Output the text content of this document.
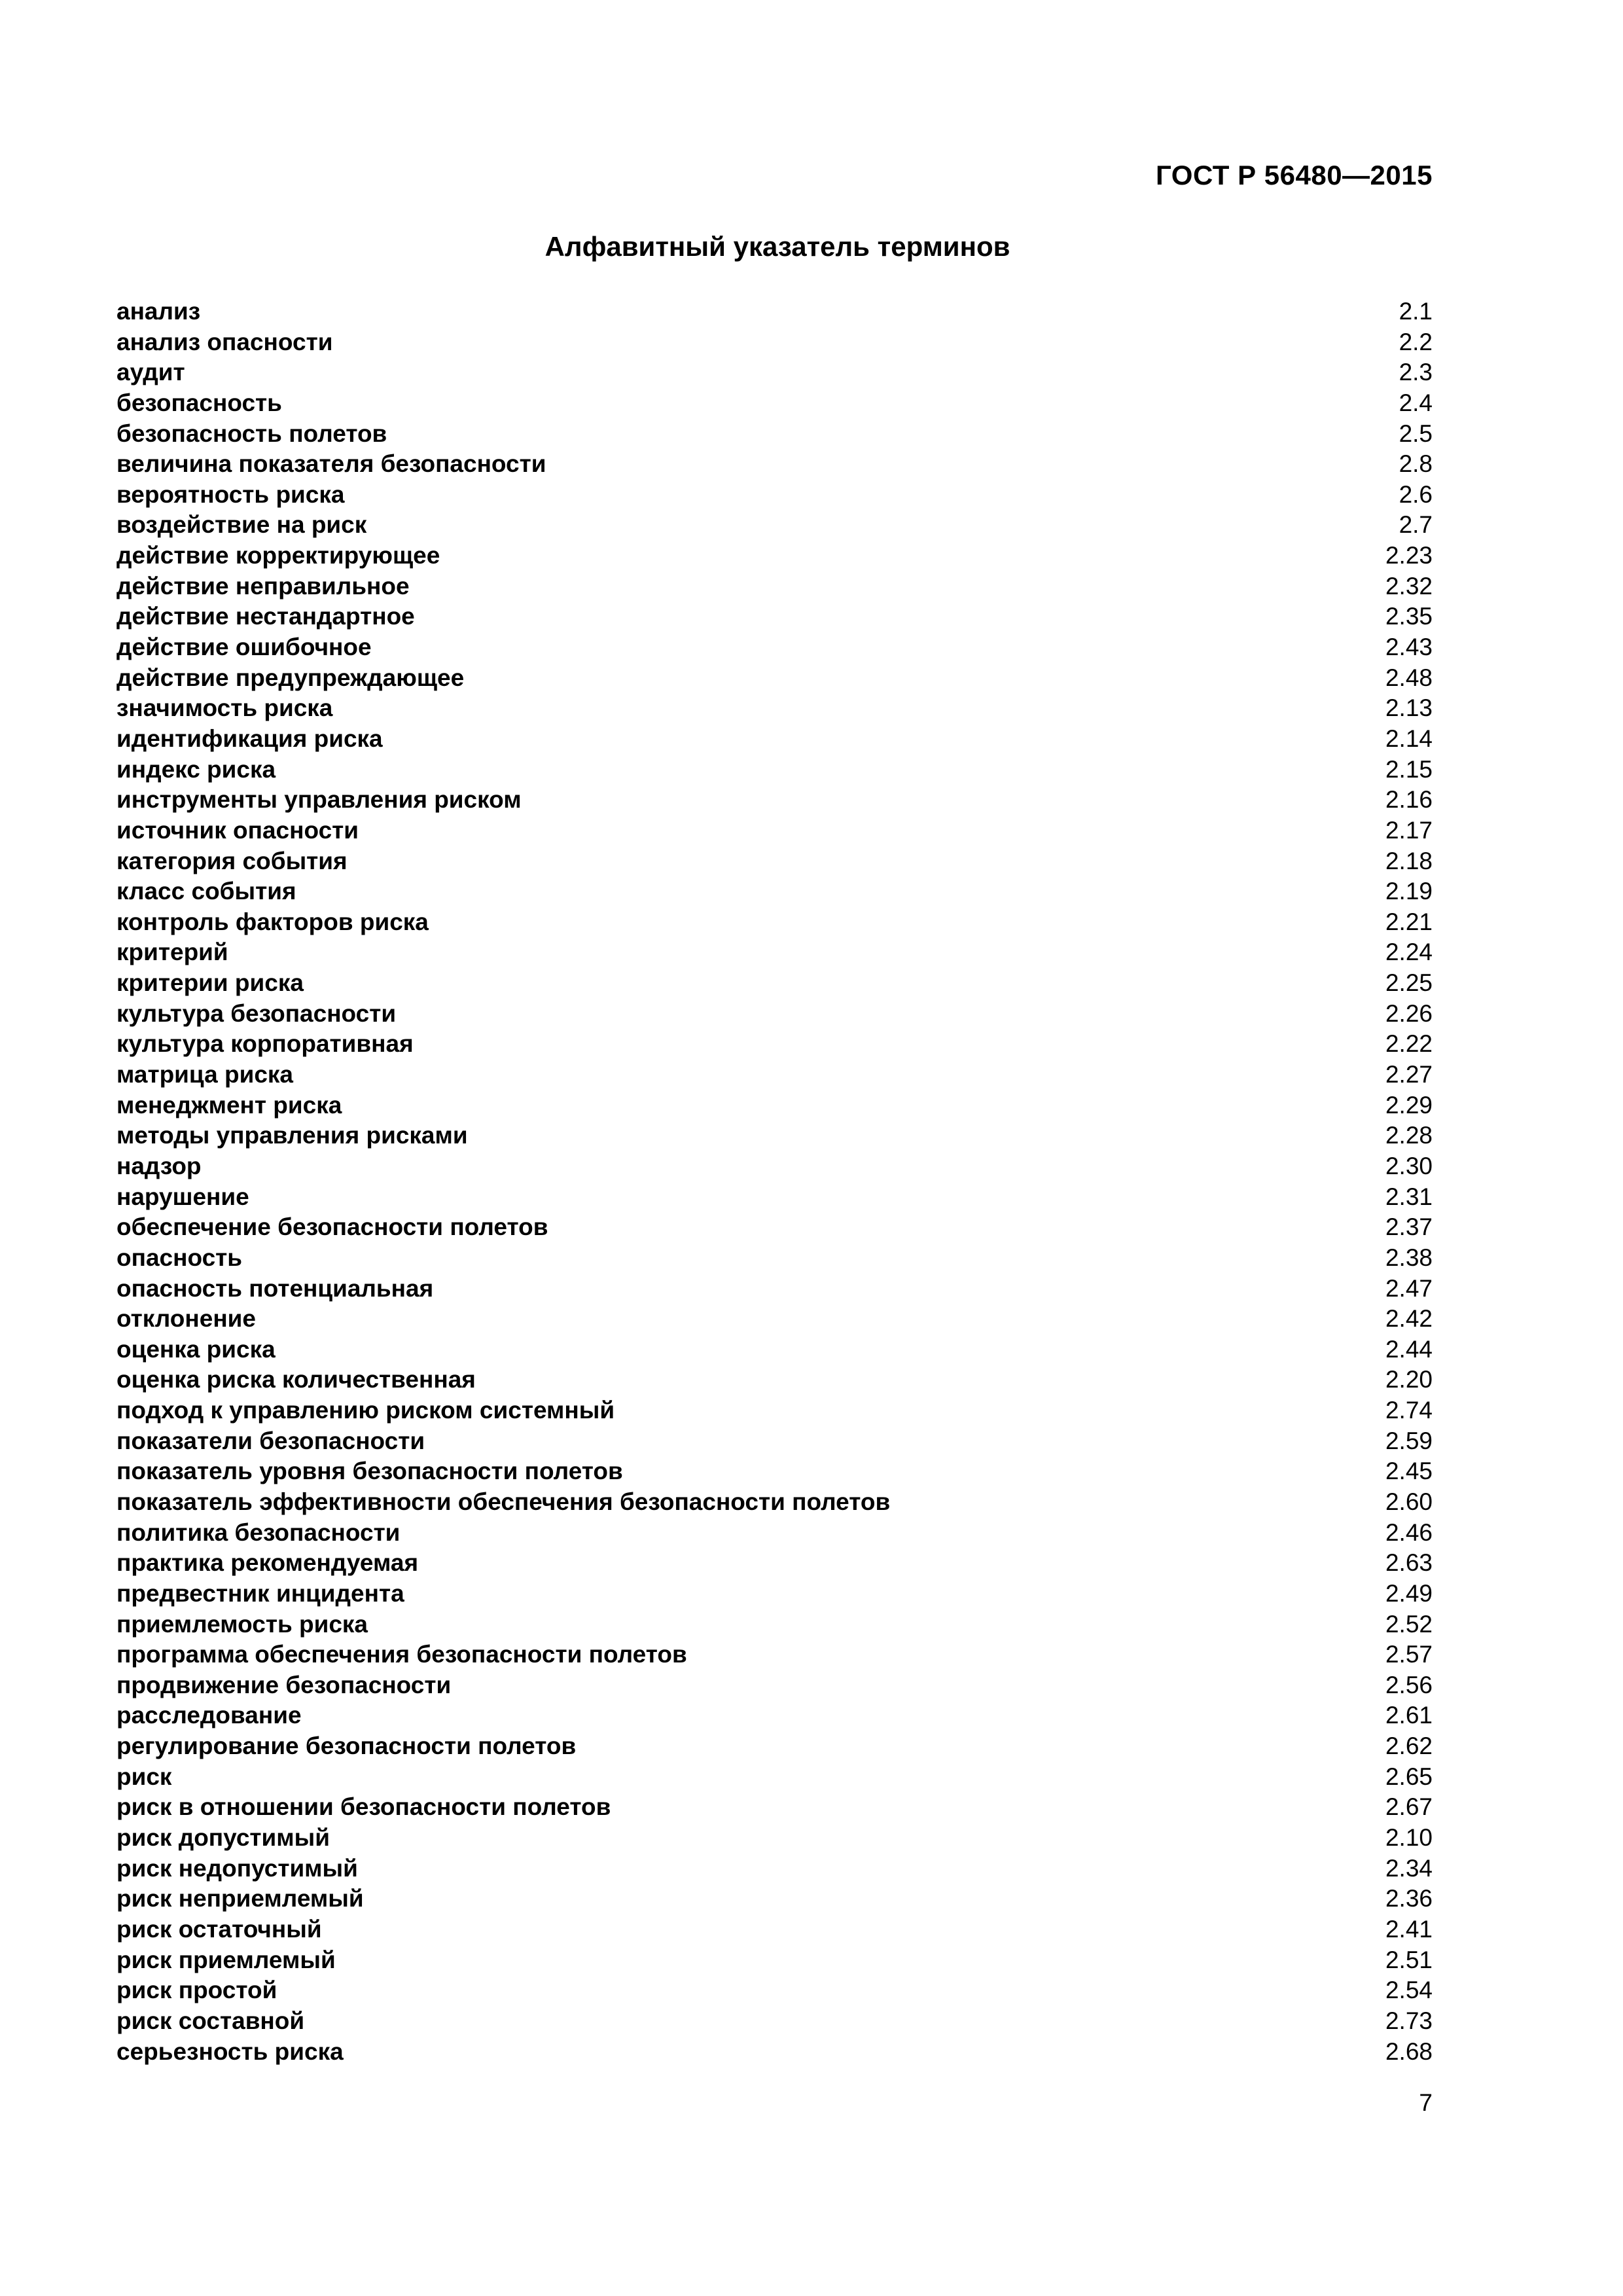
ГОСТ Р 56480—2015
Алфавитный указатель терминов
анализ	2.1
анализ опасности	2.2
аудит	2.3
безопасность	2.4
безопасность полетов	2.5
величина показателя безопасности	2.8
вероятность риска	2.6
воздействие на риск	2.7
действие корректирующее	2.23
действие неправильное	2.32
действие нестандартное	2.35
действие ошибочное	2.43
действие предупреждающее	2.48
значимость риска	2.13
идентификация риска	2.14
индекс риска	2.15
инструменты управления риском	2.16
источник опасности	2.17
категория события	2.18
класс события	2.19
контроль факторов риска	2.21
критерий	2.24
критерии риска	2.25
культура безопасности	2.26
культура корпоративная	2.22
матрица риска	2.27
менеджмент риска	2.29
методы управления рисками	2.28
надзор	2.30
нарушение	2.31
обеспечение безопасности полетов	2.37
опасность	2.38
опасность потенциальная	2.47
отклонение	2.42
оценка риска	2.44
оценка риска количественная	2.20
подход к управлению риском системный	2.74
показатели безопасности	2.59
показатель уровня безопасности полетов	2.45
показатель эффективности обеспечения безопасности полетов	2.60
политика безопасности	2.46
практика рекомендуемая	2.63
предвестник инцидента	2.49
приемлемость риска	2.52
программа обеспечения безопасности полетов	2.57
продвижение безопасности	2.56
расследование	2.61
регулирование безопасности полетов	2.62
риск	2.65
риск в отношении безопасности полетов	2.67
риск допустимый	2.10
риск недопустимый	2.34
риск неприемлемый	2.36
риск остаточный	2.41
риск приемлемый	2.51
риск простой	2.54
риск составной	2.73
серьезность риска	2.68
7
